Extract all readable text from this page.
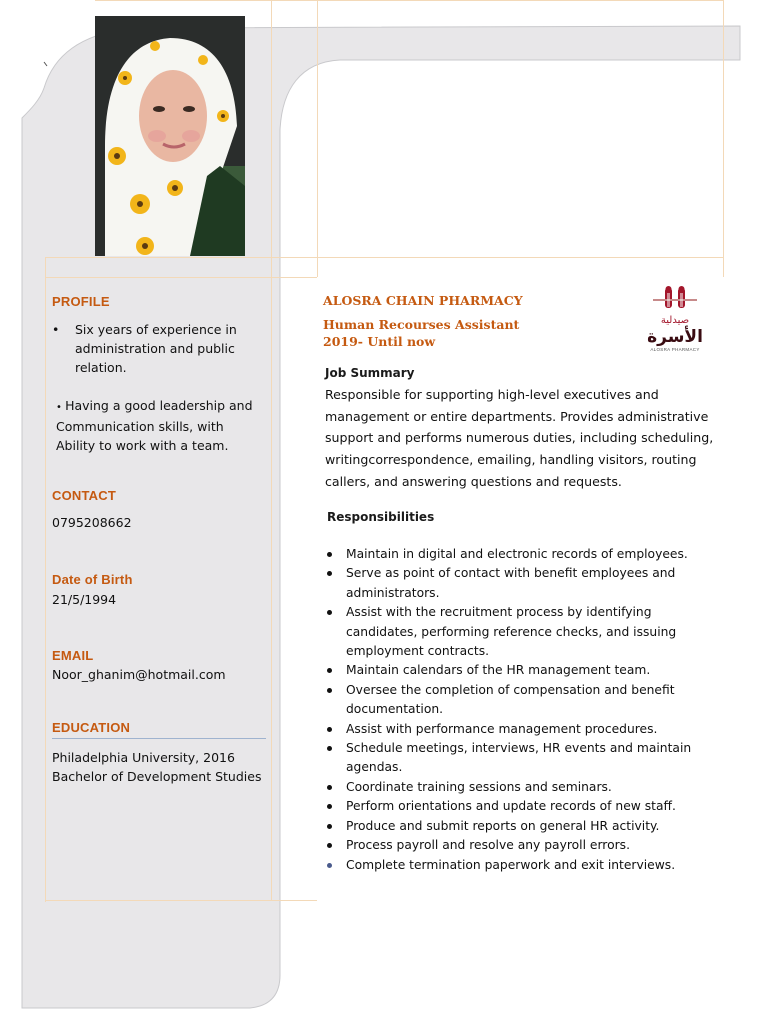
PROFILE
• Six years of experience in administration and public relation.
• Having a good leadership and Communication skills, with Ability to work with a team.
CONTACT
0795208662
Date of Birth
21/5/1994
EMAIL
Noor_ghanim@hotmail.com
EDUCATION
Philadelphia University, 2016
Bachelor of Development Studies
ALOSRA CHAIN PHARMACY
Human Recourses Assistant
2019- Until now
صيدلية
الأسرة
ALOSRA PHARMACY
Job Summary
Responsible for supporting high-level executives and management or entire departments. Provides administrative support and performs numerous duties, including scheduling, writingcorrespondence, emailing, handling visitors, routing callers, and answering questions and requests.
Responsibilities
Maintain in digital and electronic records of employees.
Serve as point of contact with benefit employees and administrators.
Assist with the recruitment process by identifying candidates, performing reference checks, and issuing employment contracts.
Maintain calendars of the HR management team.
Oversee the completion of compensation and benefit documentation.
Assist with performance management procedures.
Schedule meetings, interviews, HR events and maintain agendas.
Coordinate training sessions and seminars.
Perform orientations and update records of new staff.
Produce and submit reports on general HR activity.
Process payroll and resolve any payroll errors.
Complete termination paperwork and exit interviews.
